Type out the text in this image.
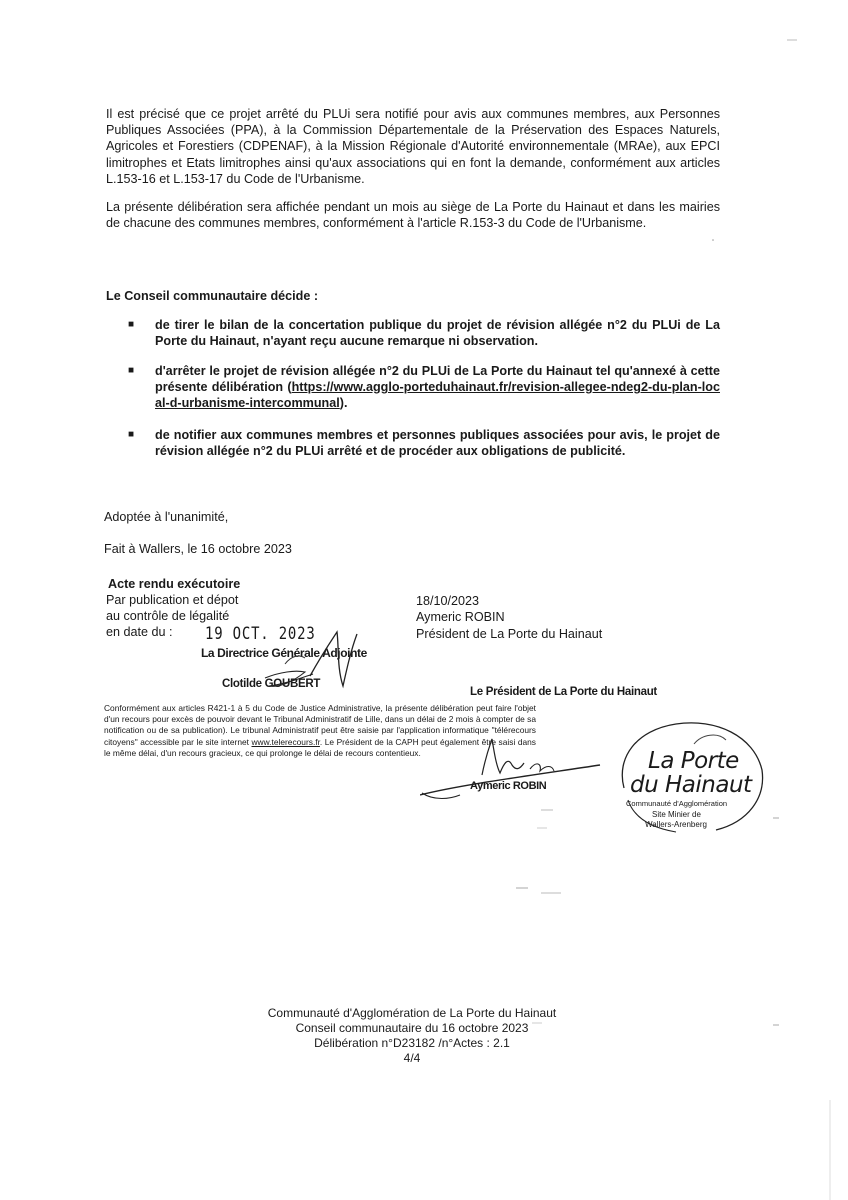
Il est précisé que ce projet arrêté du PLUi sera notifié pour avis aux communes membres, aux Personnes Publiques Associées (PPA), à la Commission Départementale de la Préservation des Espaces Naturels, Agricoles et Forestiers (CDPENAF), à la Mission Régionale d'Autorité environnementale (MRAe), aux EPCI limitrophes et Etats limitrophes ainsi qu'aux associations qui en font la demande, conformément aux articles L.153-16 et L.153-17 du Code de l'Urbanisme.
La présente délibération sera affichée pendant un mois au siège de La Porte du Hainaut et dans les mairies de chacune des communes membres, conformément à l'article R.153-3 du Code de l'Urbanisme.
Le Conseil communautaire décide :
■ de tirer le bilan de la concertation publique du projet de révision allégée n°2 du PLUi de La Porte du Hainaut, n'ayant reçu aucune remarque ni observation.
■ d'arrêter le projet de révision allégée n°2 du PLUi de La Porte du Hainaut tel qu'annexé à cette présente délibération (https://www.agglo-porteduhainaut.fr/revision-allegee-ndeg2-du-plan-local-d-urbanisme-intercommunal).
■ de notifier aux communes membres et personnes publiques associées pour avis, le projet de révision allégée n°2 du PLUi arrêté et de procéder aux obligations de publicité.
Adoptée à l'unanimité,
Fait à Wallers, le 16 octobre 2023
Acte rendu exécutoire
Par publication et dépot
au contrôle de légalité
en date du : 19 OCT. 2023
La Directrice Générale Adjointe
Clotilde GOUBERT
18/10/2023
Aymeric ROBIN
Président de La Porte du Hainaut
Le Président de La Porte du Hainaut
Conformément aux articles R421-1 à 5 du Code de Justice Administrative, la présente délibération peut faire l'objet d'un recours pour excès de pouvoir devant le Tribunal Administratif de Lille, dans un délai de 2 mois à compter de sa notification ou de sa publication). Le tribunal Administratif peut être saisie par l'application informatique "télérecours citoyens" accessible par le site internet www.telerecours.fr. Le Président de la CAPH peut également être saisi dans le même délai, d'un recours gracieux, ce qui prolonge le délai de recours contentieux.
Aymeric ROBIN
La Porte
du Hainaut
Communauté d'Agglomération
Site Minier de
Wallers-Arenberg
Communauté d'Agglomération de La Porte du Hainaut
Conseil communautaire du 16 octobre 2023
Délibération n°D23182 /n°Actes : 2.1
4/4
